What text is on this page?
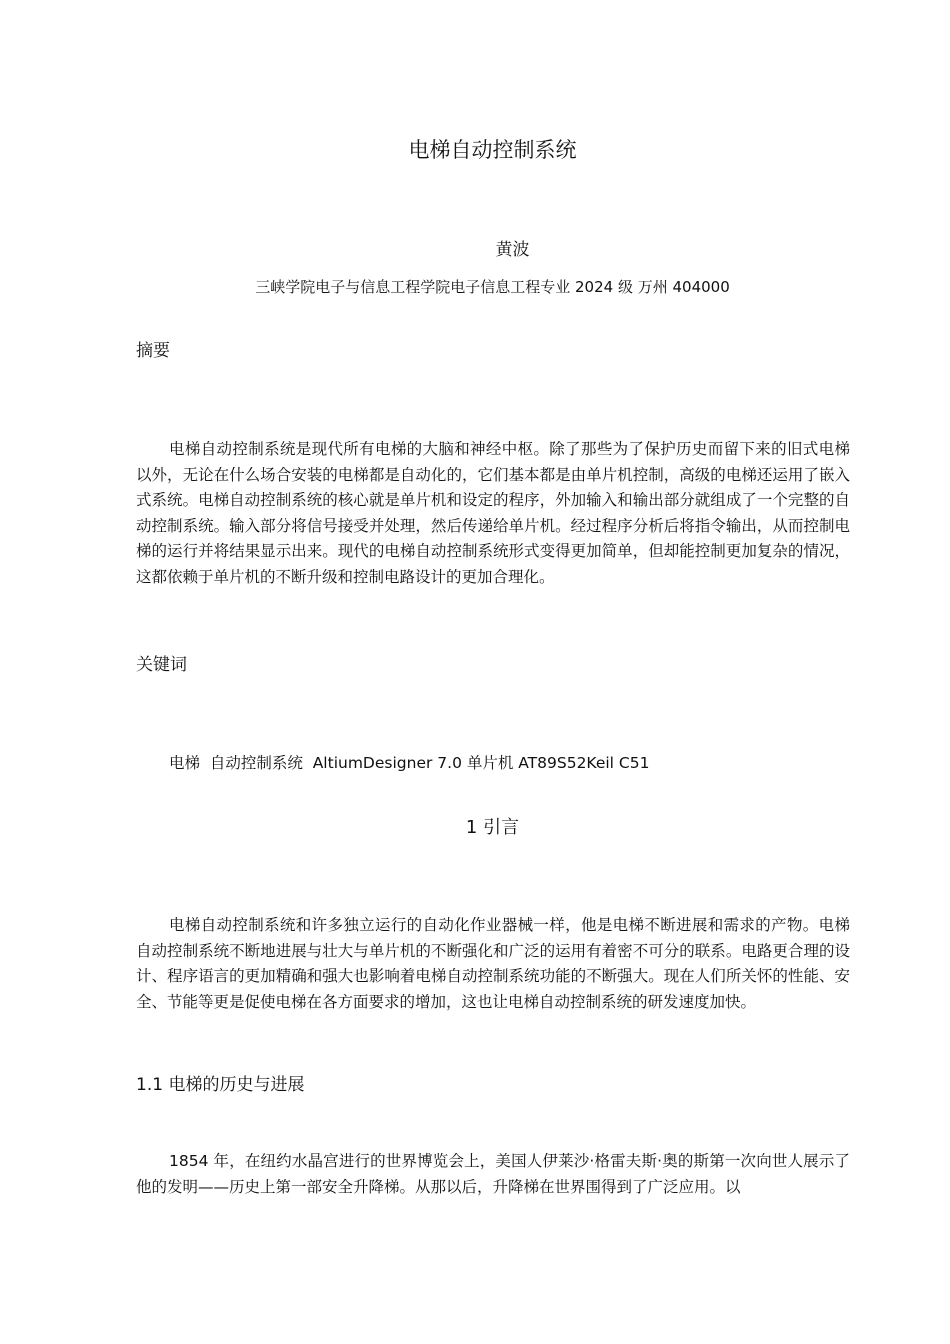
电梯自动控制系统
黄波
三峡学院电子与信息工程学院电子信息工程专业 2024 级 万州 404000
摘要
电梯自动控制系统是现代所有电梯的大脑和神经中枢。除了那些为了保护历史而留下来的旧式电梯以外，无论在什么场合安装的电梯都是自动化的，它们基本都是由单片机控制，高级的电梯还运用了嵌入式系统。电梯自动控制系统的核心就是单片机和设定的程序，外加输入和输出部分就组成了一个完整的自动控制系统。输入部分将信号接受并处理，然后传递给单片机。经过程序分析后将指令输出，从而控制电梯的运行并将结果显示出来。现代的电梯自动控制系统形式变得更加简单，但却能控制更加复杂的情况，这都依赖于单片机的不断升级和控制电路设计的更加合理化。
关键词
电梯  自动控制系统  AltiumDesigner 7.0 单片机 AT89S52Keil C51
1 引言
电梯自动控制系统和许多独立运行的自动化作业器械一样，他是电梯不断进展和需求的产物。电梯自动控制系统不断地进展与壮大与单片机的不断强化和广泛的运用有着密不可分的联系。电路更合理的设计、程序语言的更加精确和强大也影响着电梯自动控制系统功能的不断强大。现在人们所关怀的性能、安全、节能等更是促使电梯在各方面要求的增加，这也让电梯自动控制系统的研发速度加快。
1.1 电梯的历史与进展
1854 年，在纽约水晶宫进行的世界博览会上，美国人伊莱沙·格雷夫斯·奥的斯第一次向世人展示了他的发明——历史上第一部安全升降梯。从那以后，升降梯在世界围得到了广泛应用。以
